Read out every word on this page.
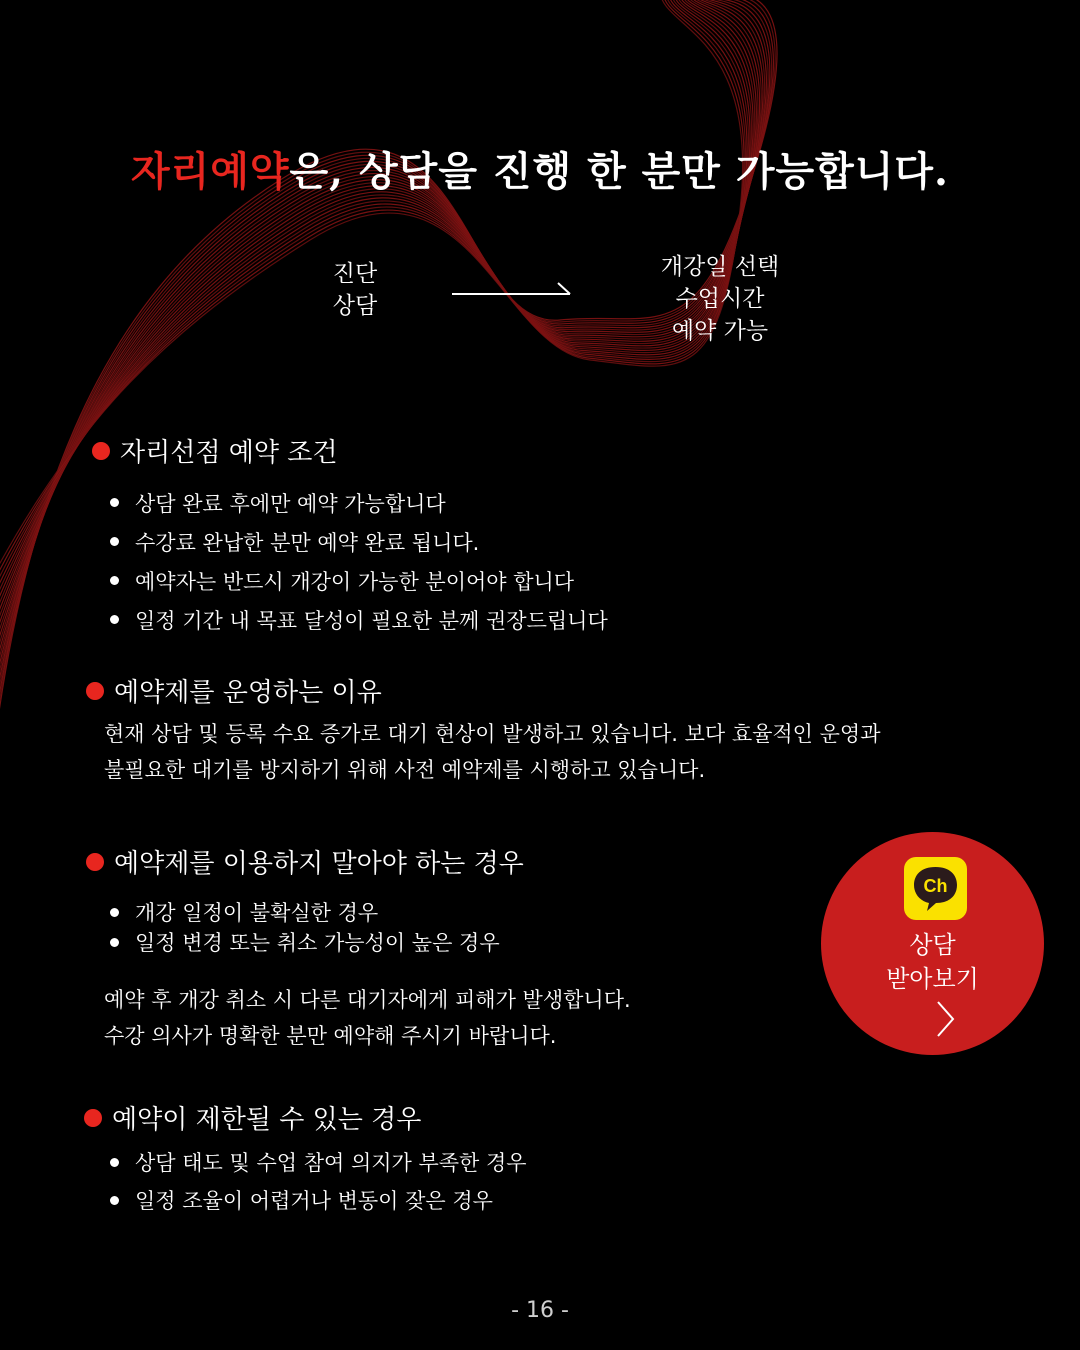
자리예약은, 상담을 진행 한 분만 가능합니다.
진단
상담
개강일 선택
수업시간
예약 가능
자리선점 예약 조건
상담 완료 후에만 예약 가능합니다
수강료 완납한 분만 예약 완료 됩니다.
예약자는 반드시 개강이 가능한 분이어야 합니다
일정 기간 내 목표 달성이 필요한 분께 권장드립니다
예약제를 운영하는 이유
현재 상담 및 등록 수요 증가로 대기 현상이 발생하고 있습니다. 보다 효율적인 운영과
불필요한 대기를 방지하기 위해 사전 예약제를 시행하고 있습니다.
예약제를 이용하지 말아야 하는 경우
개강 일정이 불확실한 경우
일정 변경 또는 취소 가능성이 높은 경우
예약 후 개강 취소 시 다른 대기자에게 피해가 발생합니다.
수강 의사가 명확한 분만 예약해 주시기 바랍니다.
예약이 제한될 수 있는 경우
상담 태도 및 수업 참여 의지가 부족한 경우
일정 조율이 어렵거나 변동이 잦은 경우
Ch
상담
받아보기
- 16 -
